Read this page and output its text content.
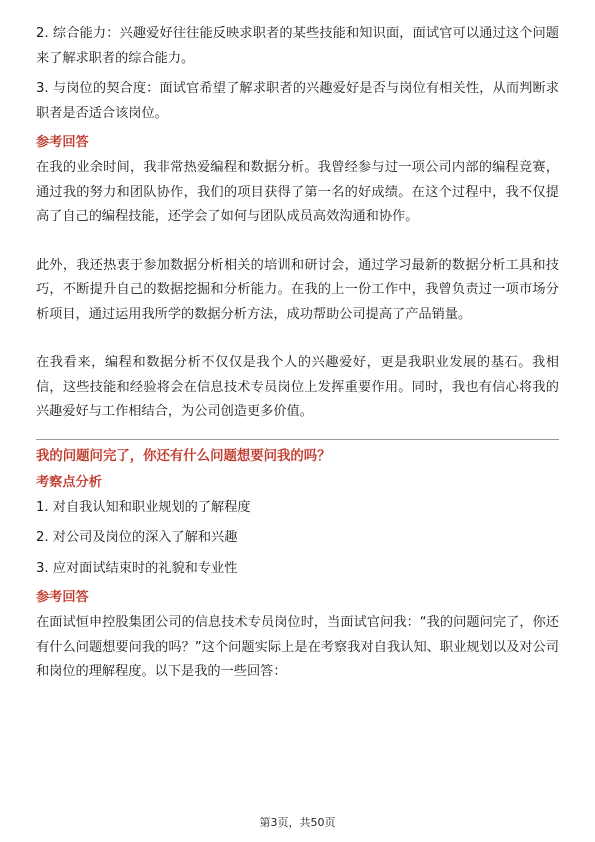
2. 综合能力：兴趣爱好往往能反映求职者的某些技能和知识面，面试官可以通过这个问题来了解求职者的综合能力。

3. 与岗位的契合度：面试官希望了解求职者的兴趣爱好是否与岗位有相关性，从而判断求职者是否适合该岗位。

参考回答

在我的业余时间，我非常热爱编程和数据分析。我曾经参与过一项公司内部的编程竞赛，通过我的努力和团队协作，我们的项目获得了第一名的好成绩。在这个过程中，我不仅提高了自己的编程技能，还学会了如何与团队成员高效沟通和协作。

此外，我还热衷于参加数据分析相关的培训和研讨会，通过学习最新的数据分析工具和技巧，不断提升自己的数据挖掘和分析能力。在我的上一份工作中，我曾负责过一项市场分析项目，通过运用我所学的数据分析方法，成功帮助公司提高了产品销量。

在我看来，编程和数据分析不仅仅是我个人的兴趣爱好，更是我职业发展的基石。我相信，这些技能和经验将会在信息技术专员岗位上发挥重要作用。同时，我也有信心将我的兴趣爱好与工作相结合，为公司创造更多价值。

我的问题问完了，你还有什么问题想要问我的吗？

考察点分析

1. 对自我认知和职业规划的了解程度

2. 对公司及岗位的深入了解和兴趣

3. 应对面试结束时的礼貌和专业性

参考回答

在面试恒申控股集团公司的信息技术专员岗位时，当面试官问我：“我的问题问完了，你还有什么问题想要问我的吗？”这个问题实际上是在考察我对自我认知、职业规划以及对公司和岗位的理解程度。以下是我的一些回答：

第3页，共50页
